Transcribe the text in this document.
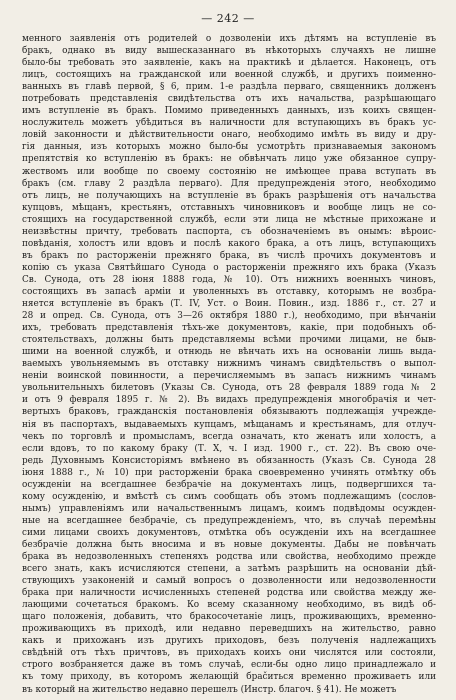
— 242 —
менного заявленія отъ родителей о дозволеніи ихъ дѣтямъ на вступленіе въ
бракъ, однако въ виду вышесказаннаго въ нѣкоторыхъ случаяхъ не лишне
было-бы требовать это заявленіе, какъ на практикѣ и дѣлается. Наконецъ, отъ
лицъ, состоящихъ на гражданской или военной службѣ, и другихъ поименно-
ванныхъ въ главѣ первой, § 6, прим. 1-е раздѣла перваго, священникъ долженъ
потребовать представленія свидѣтельства отъ ихъ начальства, разрѣшающаго
имъ вступленіе въ бракъ. Помимо приведенныхъ данныхъ, изъ коихъ священ-
нослужитель можетъ убѣдиться въ наличности для вступающихъ въ бракъ ус-
ловій законности и дѣйствительности онаго, необходимо имѣть въ виду и дру-
гія данныя, изъ которыхъ можно было-бы усмотрѣть признаваемыя закономъ
препятствія ко вступленію въ бракъ: не обвѣнчать лицо уже обязанное супру-
жествомъ или вообще по своему состоянію не имѣющее права вступать въ
бракъ (см. главу 2 раздѣла перваго). Для предупрежденія этого, необходимо
отъ лицъ, не получающихъ на вступленіе въ бракъ разрѣшенія отъ начальства
купцовъ, мѣщанъ, крестьянъ, отставныхъ чиновниковъ и вообще лицъ не со-
стоящихъ на государственной службѣ, если эти лица не мѣстные прихожане и
неизвѣстны причту, требовать паспорта, съ обозначеніемъ въ онымъ: вѣроис-
повѣданія, холостъ или вдовъ и послѣ какого брака, а отъ лицъ, вступающихъ
въ бракъ по расторженіи прежняго брака, въ числѣ прочихъ документовъ и
копію съ указа Святѣйшаго Сунода о расторженіи прежняго ихъ брака (Указъ
Св. Сунода, отъ 28 іюня 1888 года, № 10). Отъ нижнихъ военныхъ чиновъ,
состоящихъ въ запасѣ арміи и уволенныхъ въ отставку, которымъ не возбра-
няется вступленіе въ бракъ (Т. IV, Уст. о Воин. Повин., изд. 1886 г., ст. 27 и
28 и опред. Св. Сунода, отъ 3—26 октября 1880 г.), необходимо, при вѣнчаніи
ихъ, требовать представленія тѣхъ-же документовъ, какіе, при подобныхъ об-
стоятельствахъ, должны быть представляемы всѣми прочими лицами, не быв-
шими на военной службѣ, и отнюдь не вѣнчать ихъ на основаніи лишь выда-
ваемыхъ увольняемымъ въ отставку нижнимъ чинамъ свидѣтельствъ о выпол-
неніи воинской повинности, а перечисляемымъ въ запасъ нижнимъ чинамъ
увольнительныхъ билетовъ (Указы Св. Сунода, отъ 28 февраля 1889 года № 2
и отъ 9 февраля 1895 г. № 2). Въ видахъ предупрежденія многобрачія и чет-
вертыхъ браковъ, гражданскія постановленія обязываютъ подлежащія учрежде-
нія въ паспортахъ, выдаваемыхъ купцамъ, мѣщанамъ и крестьянамъ, для отлуч-
чекъ по торговлѣ и промысламъ, всегда означать, кто женатъ или холостъ, а
если вдовъ, то по какому браку (Т. X, ч. I изд. 1900 г., ст. 22). Въ свою оче-
редь Духовнымъ Консисторіямъ вмѣнено въ обязанность (Указъ Св. Сунода 28
іюня 1888 г., № 10) при расторженіи брака своевременно учинять отмѣтку объ
осужденіи на всегдашнее безбрачіе на документахъ лицъ, подвергшихся та-
кому осужденію, и вмѣстѣ съ симъ сообщать объ этомъ подлежащимъ (сослов-
нымъ) управленіямъ или начальственнымъ лицамъ, коимъ подвѣдомы осужден-
ные на всегдашнее безбрачіе, съ предупрежденіемъ, что, въ случаѣ перемѣны
сими лицами своихъ документовъ, отмѣтка объ осужденіи ихъ на всегдашнее
безбрачіе должна быть вносима и въ новые документы. Дабы не повѣнчать
брака въ недозволенныхъ степеняхъ родства или свойства, необходимо прежде
всего знать, какъ исчисляются степени, а затѣмъ разрѣшить на основаніи дѣй-
ствующихъ узаконеній и самый вопросъ о дозволенности или недозволенности
брака при наличности исчисленныхъ степеней родства или свойства между же-
лающими сочетаться бракомъ. Ко всему сказанному необходимо, въ видѣ об-
щаго положенія, добавить, что бракосочетаніе лицъ, проживающихъ, временно-
проживающихъ въ приходѣ, или недавно переведшихъ на жительство, равно
какъ и прихожанъ изъ другихъ приходовъ, безъ полученія надлежащихъ
свѣдѣній отъ тѣхъ причтовъ, въ приходахъ коихъ они числятся или состояли,
строго возбраняется даже въ томъ случаѣ, если-бы одно лицо принадлежало и
къ тому приходу, въ которомъ желающій браčиться временно проживаетъ или
въ который на жительство недавно перешелъ (Инстр. благоч. § 41). Не можетъ
